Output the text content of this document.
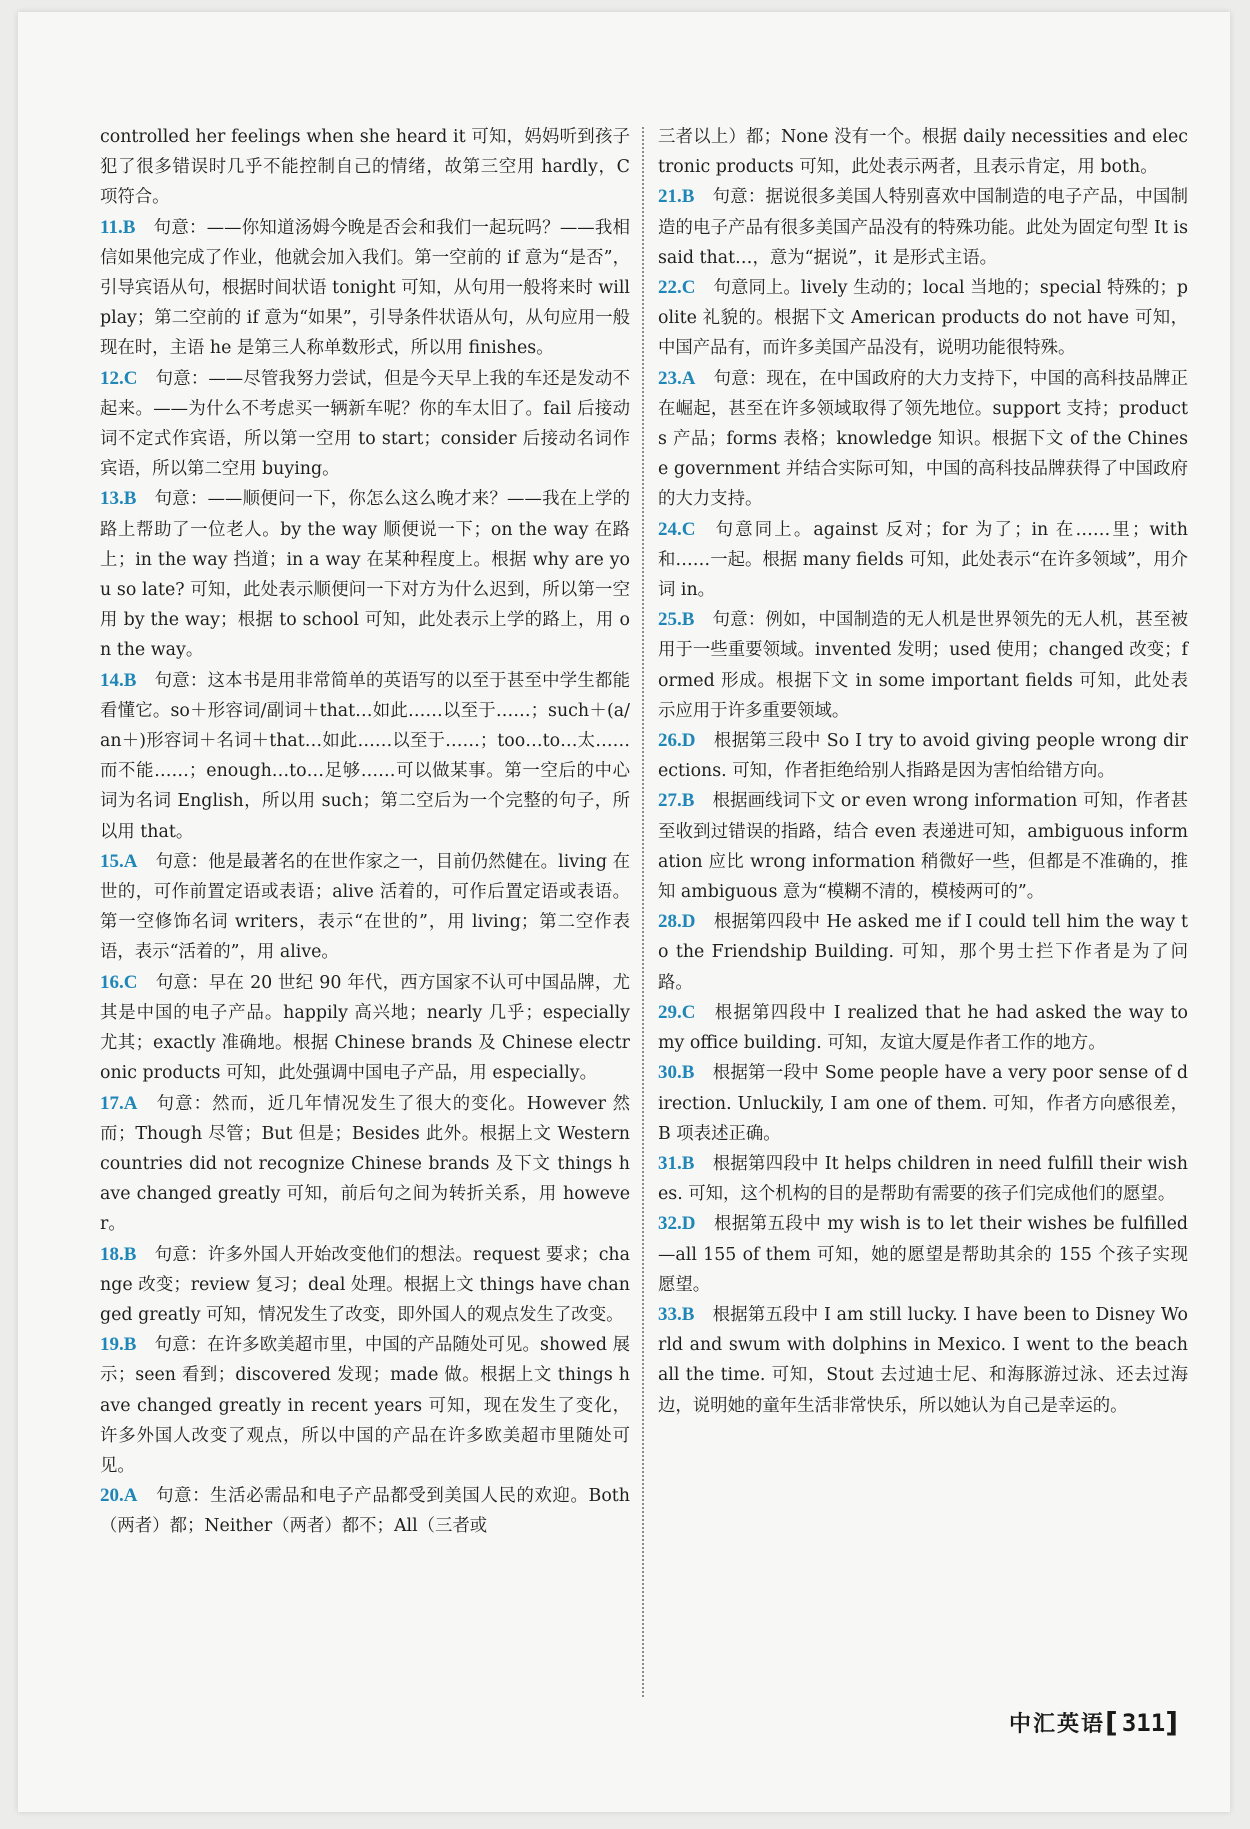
controlled her feelings when she heard it 可知，妈妈听到孩子犯了很多错误时几乎不能控制自己的情绪，故第三空用 hardly，C 项符合。

11.B 句意：——你知道汤姆今晚是否会和我们一起玩吗？——我相信如果他完成了作业，他就会加入我们。第一空前的 if 意为“是否”，引导宾语从句，根据时间状语 tonight 可知，从句用一般将来时 will play；第二空前的 if 意为“如果”，引导条件状语从句，从句应用一般现在时，主语 he 是第三人称单数形式，所以用 finishes。

12.C 句意：——尽管我努力尝试，但是今天早上我的车还是发动不起来。——为什么不考虑买一辆新车呢？你的车太旧了。fail 后接动词不定式作宾语，所以第一空用 to start；consider 后接动名词作宾语，所以第二空用 buying。

13.B 句意：——顺便问一下，你怎么这么晚才来？——我在上学的路上帮助了一位老人。by the way 顺便说一下；on the way 在路上；in the way 挡道；in a way 在某种程度上。根据 why are you so late? 可知，此处表示顺便问一下对方为什么迟到，所以第一空用 by the way；根据 to school 可知，此处表示上学的路上，用 on the way。

14.B 句意：这本书是用非常简单的英语写的以至于甚至中学生都能看懂它。so＋形容词/副词＋that…如此……以至于……；such＋(a/an＋)形容词＋名词＋that…如此……以至于……；too…to…太……而不能……；enough…to…足够……可以做某事。第一空后的中心词为名词 English，所以用 such；第二空后为一个完整的句子，所以用 that。

15.A 句意：他是最著名的在世作家之一，目前仍然健在。living 在世的，可作前置定语或表语；alive 活着的，可作后置定语或表语。第一空修饰名词 writers，表示“在世的”，用 living；第二空作表语，表示“活着的”，用 alive。

16.C 句意：早在 20 世纪 90 年代，西方国家不认可中国品牌，尤其是中国的电子产品。happily 高兴地；nearly 几乎；especially 尤其；exactly 准确地。根据 Chinese brands 及 Chinese electronic products 可知，此处强调中国电子产品，用 especially。

17.A 句意：然而，近几年情况发生了很大的变化。However 然而；Though 尽管；But 但是；Besides 此外。根据上文 Western countries did not recognize Chinese brands 及下文 things have changed greatly 可知，前后句之间为转折关系，用 however。

18.B 句意：许多外国人开始改变他们的想法。request 要求；change 改变；review 复习；deal 处理。根据上文 things have changed greatly 可知，情况发生了改变，即外国人的观点发生了改变。

19.B 句意：在许多欧美超市里，中国的产品随处可见。showed 展示；seen 看到；discovered 发现；made 做。根据上文 things have changed greatly in recent years 可知，现在发生了变化，许多外国人改变了观点，所以中国的产品在许多欧美超市里随处可见。

20.A 句意：生活必需品和电子产品都受到美国人民的欢迎。Both（两者）都；Neither（两者）都不；All（三者或

三者以上）都；None 没有一个。根据 daily necessities and electronic products 可知，此处表示两者，且表示肯定，用 both。

21.B 句意：据说很多美国人特别喜欢中国制造的电子产品，中国制造的电子产品有很多美国产品没有的特殊功能。此处为固定句型 It is said that…，意为“据说”，it 是形式主语。

22.C 句意同上。lively 生动的；local 当地的；special 特殊的；polite 礼貌的。根据下文 American products do not have 可知，中国产品有，而许多美国产品没有，说明功能很特殊。

23.A 句意：现在，在中国政府的大力支持下，中国的高科技品牌正在崛起，甚至在许多领域取得了领先地位。support 支持；products 产品；forms 表格；knowledge 知识。根据下文 of the Chinese government 并结合实际可知，中国的高科技品牌获得了中国政府的大力支持。

24.C 句意同上。against 反对；for 为了；in 在……里；with 和……一起。根据 many fields 可知，此处表示“在许多领域”，用介词 in。

25.B 句意：例如，中国制造的无人机是世界领先的无人机，甚至被用于一些重要领域。invented 发明；used 使用；changed 改变；formed 形成。根据下文 in some important fields 可知，此处表示应用于许多重要领域。

26.D 根据第三段中 So I try to avoid giving people wrong directions. 可知，作者拒绝给别人指路是因为害怕给错方向。

27.B 根据画线词下文 or even wrong information 可知，作者甚至收到过错误的指路，结合 even 表递进可知，ambiguous information 应比 wrong information 稍微好一些，但都是不准确的，推知 ambiguous 意为“模糊不清的，模棱两可的”。

28.D 根据第四段中 He asked me if I could tell him the way to the Friendship Building. 可知，那个男士拦下作者是为了问路。

29.C 根据第四段中 I realized that he had asked the way to my office building. 可知，友谊大厦是作者工作的地方。

30.B 根据第一段中 Some people have a very poor sense of direction. Unluckily, I am one of them. 可知，作者方向感很差，B 项表述正确。

31.B 根据第四段中 It helps children in need fulfill their wishes. 可知，这个机构的目的是帮助有需要的孩子们完成他们的愿望。

32.D 根据第五段中 my wish is to let their wishes be fulfilled—all 155 of them 可知，她的愿望是帮助其余的 155 个孩子实现愿望。

33.B 根据第五段中 I am still lucky. I have been to Disney World and swum with dolphins in Mexico. I went to the beach all the time. 可知，Stout 去过迪士尼、和海豚游过泳、还去过海边，说明她的童年生活非常快乐，所以她认为自己是幸运的。

中汇英语 [ 311 ]
